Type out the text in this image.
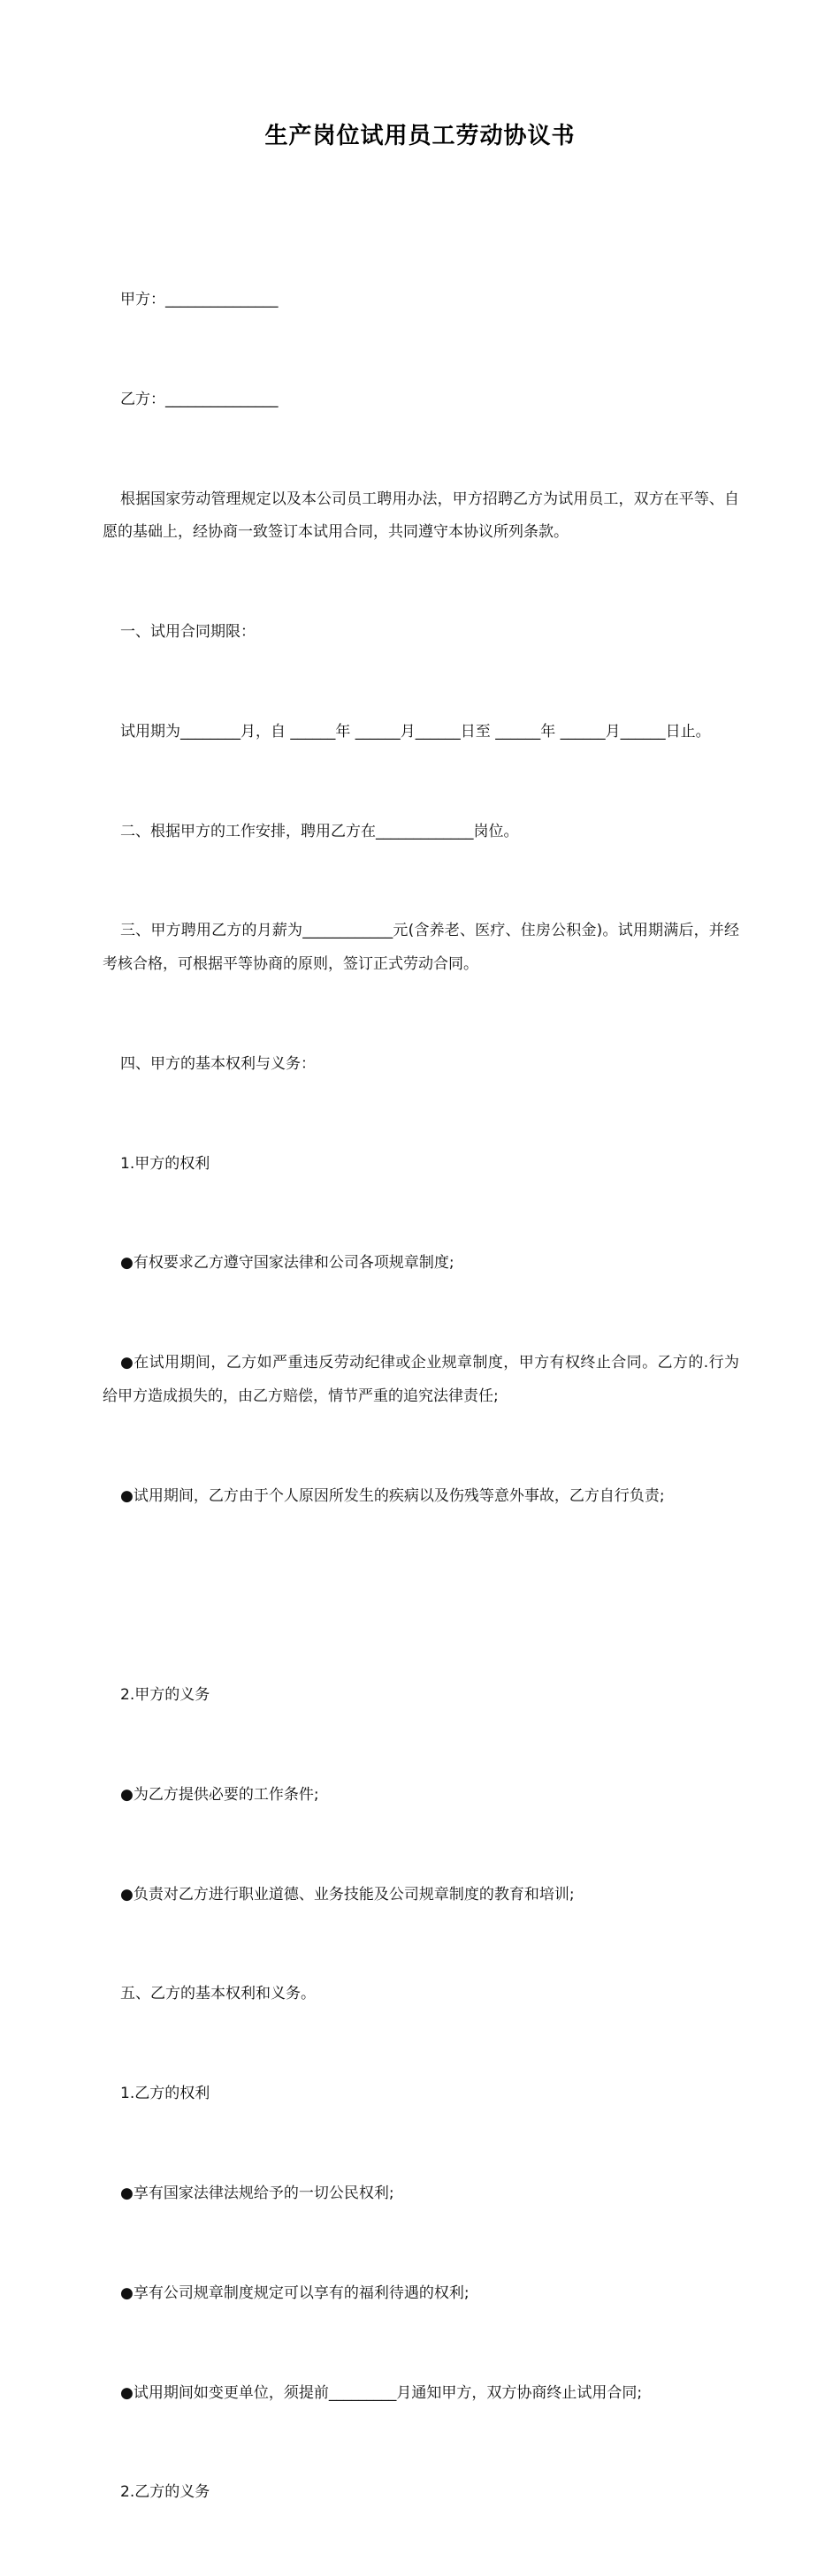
生产岗位试用员工劳动协议书

甲方：_______________

乙方：_______________

根据国家劳动管理规定以及本公司员工聘用办法，甲方招聘乙方为试用员工，双方在平等、自愿的基础上，经协商一致签订本试用合同，共同遵守本协议所列条款。

一、试用合同期限：

试用期为________月，自 ______年 ______月______日至 ______年 ______月______日止。

二、根据甲方的工作安排，聘用乙方在_____________岗位。

三、甲方聘用乙方的月薪为____________元(含养老、医疗、住房公积金)。试用期满后，并经考核合格，可根据平等协商的原则，签订正式劳动合同。

四、甲方的基本权利与义务：

1.甲方的权利

●有权要求乙方遵守国家法律和公司各项规章制度;

●在试用期间，乙方如严重违反劳动纪律或企业规章制度，甲方有权终止合同。乙方的.行为给甲方造成损失的，由乙方赔偿，情节严重的追究法律责任;

●试用期间，乙方由于个人原因所发生的疾病以及伤残等意外事故，乙方自行负责;

2.甲方的义务

●为乙方提供必要的工作条件;

●负责对乙方进行职业道德、业务技能及公司规章制度的教育和培训;

五、乙方的基本权利和义务。

1.乙方的权利

●享有国家法律法规给予的一切公民权利;

●享有公司规章制度规定可以享有的福利待遇的权利;

●试用期间如变更单位，须提前_________月通知甲方，双方协商终止试用合同;

2.乙方的义务
